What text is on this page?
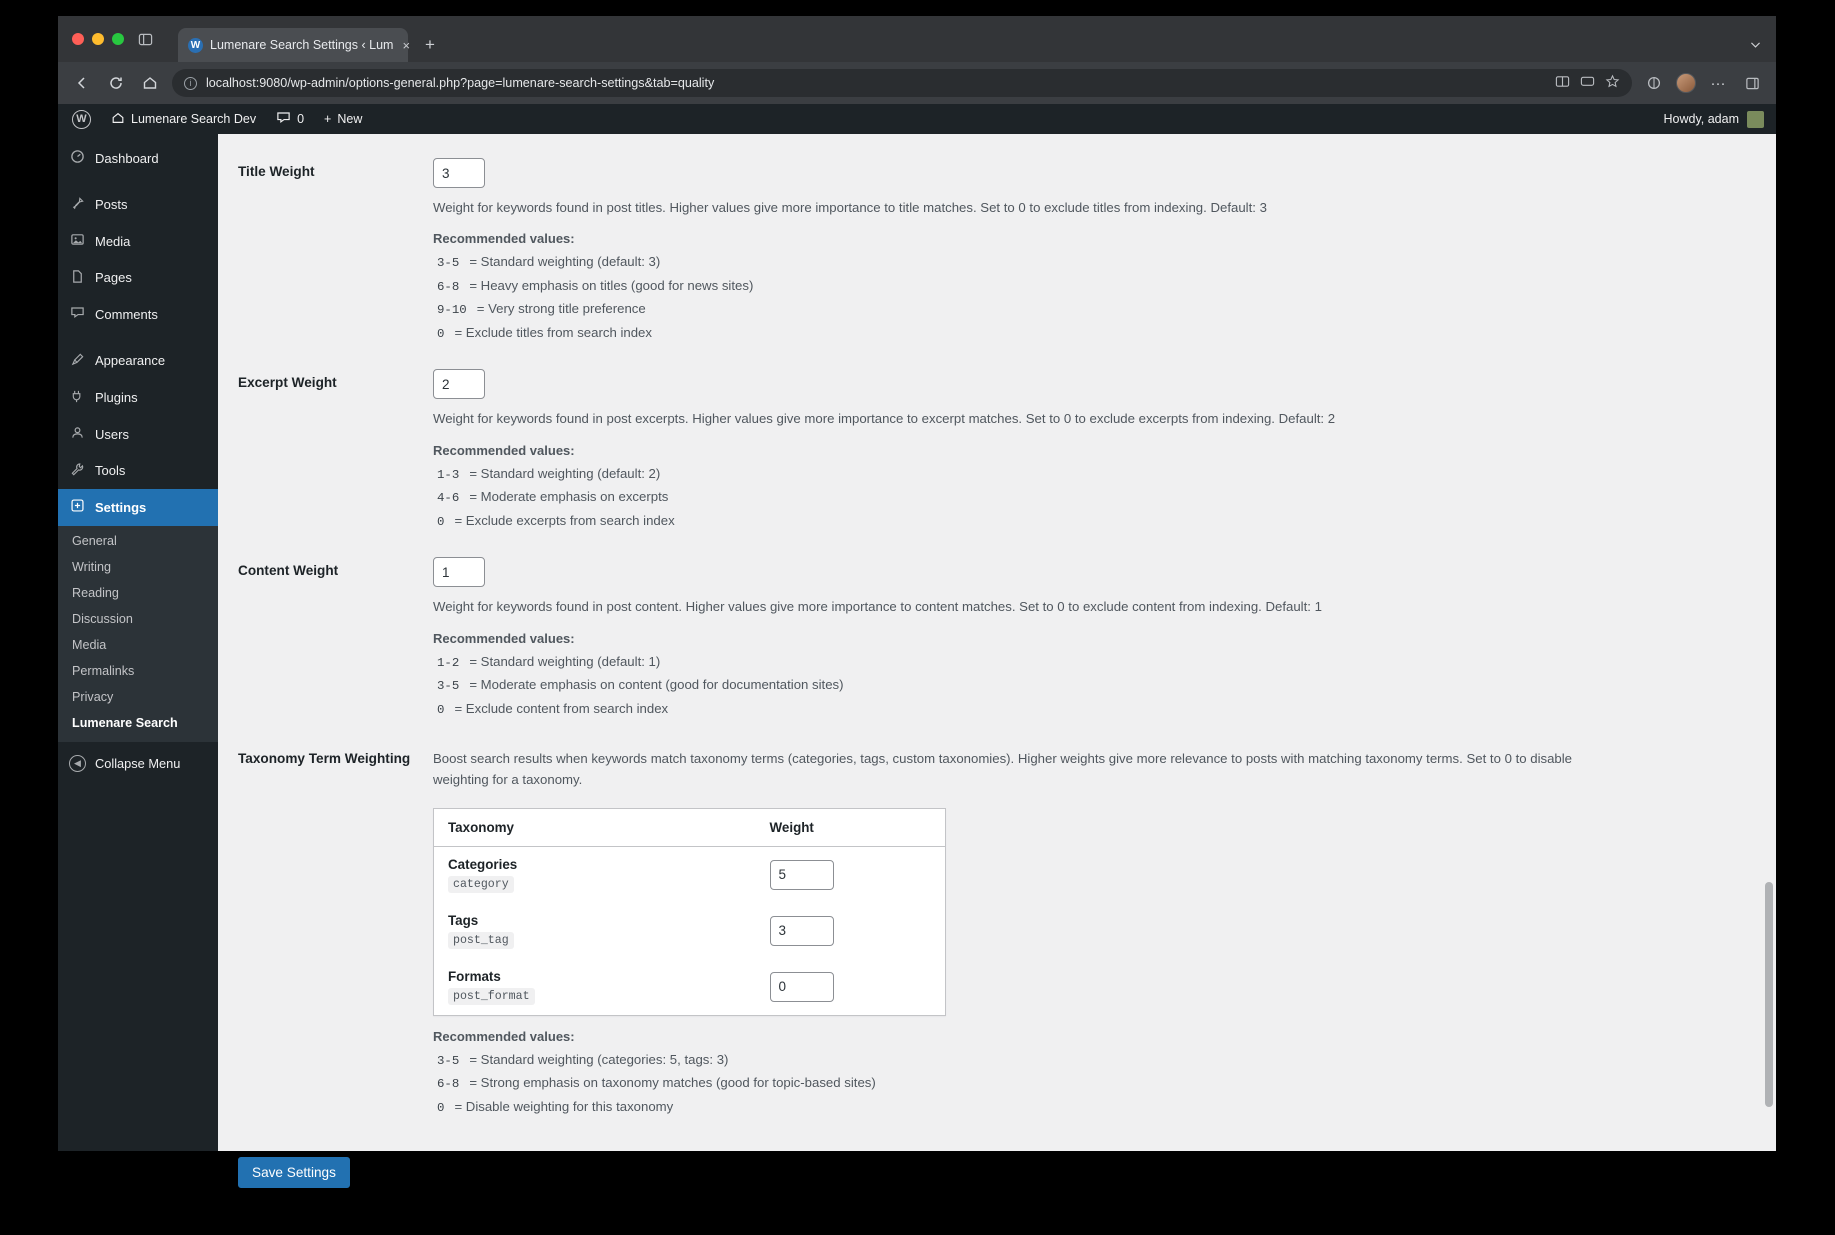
W Lumenare Search Settings ‹ Lum × +
i	localhost:9080/wp-admin/options-general.php?page=lumenare-search-settings&tab=quality	···
Lumenare Search Dev	0 + New	Howdy, adam
Dashboard
Posts
Media
Pages
Comments
Appearance
Plugins
Users
Tools
Settings
General
Writing
Reading
Discussion
Media
Permalinks
Privacy
Lumenare Search
◀	Collapse Menu
Title Weight
3

Weight for keywords found in post titles. Higher values give more importance to title matches. Set to 0 to exclude titles from indexing. Default: 3

Recommended values:

3-5 = Standard weighting (default: 3)
6-8 = Heavy emphasis on titles (good for news sites)
9-10 = Very strong title preference
0 = Exclude titles from search index
Excerpt Weight
2

Weight for keywords found in post excerpts. Higher values give more importance to excerpt matches. Set to 0 to exclude excerpts from indexing. Default: 2

Recommended values:

1-3 = Standard weighting (default: 2)
4-6 = Moderate emphasis on excerpts
0 = Exclude excerpts from search index
Content Weight
1

Weight for keywords found in post content. Higher values give more importance to content matches. Set to 0 to exclude content from indexing. Default: 1

Recommended values:

1-2 = Standard weighting (default: 1)
3-5 = Moderate emphasis on content (good for documentation sites)
0 = Exclude content from search index
Taxonomy Term Weighting	Boost search results when keywords match taxonomy terms (categories, tags, custom taxonomies). Higher weights give more relevance to posts with matching taxonomy terms. Set to 0 to disable weighting for a taxonomy.

Taxonomy	Weight

Categories
category	5

Tags
post_tag	3

Formats
post_format	0

Recommended values:

3-5 = Standard weighting (categories: 5, tags: 3)
6-8 = Strong emphasis on taxonomy matches (good for topic-based sites)
0 = Disable weighting for this taxonomy
Save Settings
